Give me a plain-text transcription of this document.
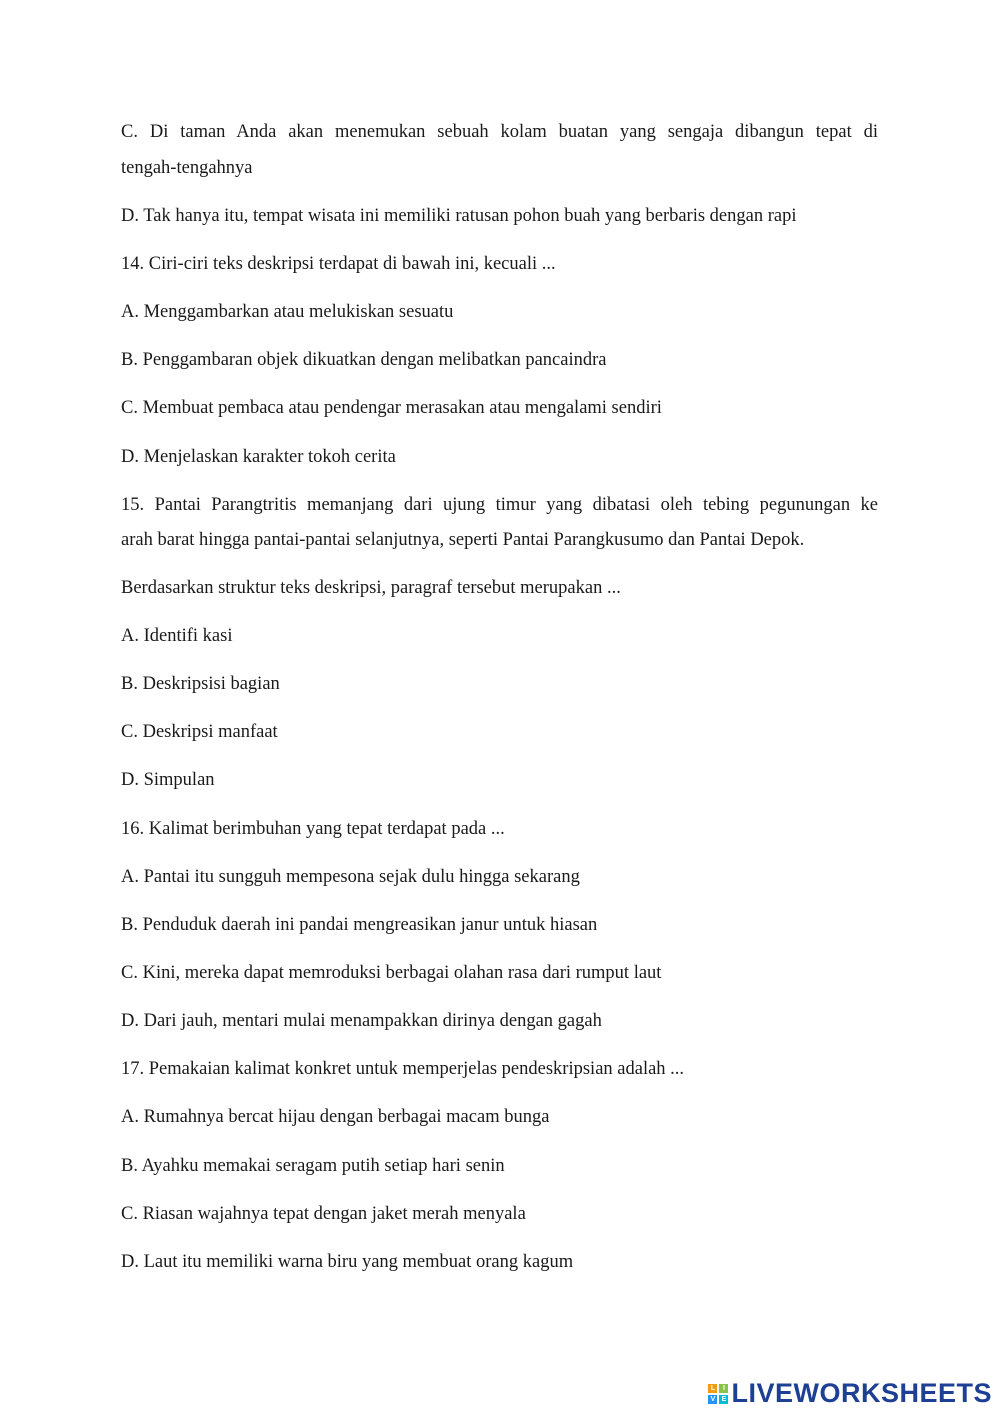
C. Di taman Anda akan menemukan sebuah kolam buatan yang sengaja dibangun tepat di
tengah-tengahnya
D. Tak hanya itu, tempat wisata ini memiliki ratusan pohon buah yang berbaris dengan rapi
14. Ciri-ciri teks deskripsi terdapat di bawah ini, kecuali ...
A. Menggambarkan atau melukiskan sesuatu
B. Penggambaran objek dikuatkan dengan melibatkan pancaindra
C. Membuat pembaca atau pendengar merasakan atau mengalami sendiri
D. Menjelaskan karakter tokoh cerita
15. Pantai Parangtritis memanjang dari ujung timur yang dibatasi oleh tebing pegunungan ke
arah barat hingga pantai-pantai selanjutnya, seperti Pantai Parangkusumo dan Pantai Depok.
Berdasarkan struktur teks deskripsi, paragraf tersebut merupakan ...
A. Identifi kasi
B. Deskripsisi bagian
C. Deskripsi manfaat
D. Simpulan
16. Kalimat berimbuhan yang tepat terdapat pada ...
A. Pantai itu sungguh mempesona sejak dulu hingga sekarang
B. Penduduk daerah ini pandai mengreasikan janur untuk hiasan
C. Kini, mereka dapat memroduksi berbagai olahan rasa dari rumput laut
D. Dari jauh, mentari mulai menampakkan dirinya dengan gagah
17. Pemakaian kalimat konkret untuk memperjelas pendeskripsian adalah ...
A. Rumahnya bercat hijau dengan berbagai macam bunga
B. Ayahku memakai seragam putih setiap hari senin
C. Riasan wajahnya tepat dengan jaket merah menyala
D. Laut itu memiliki warna biru yang membuat orang kagum
L	I
V E LIVEWORKSHEETS
